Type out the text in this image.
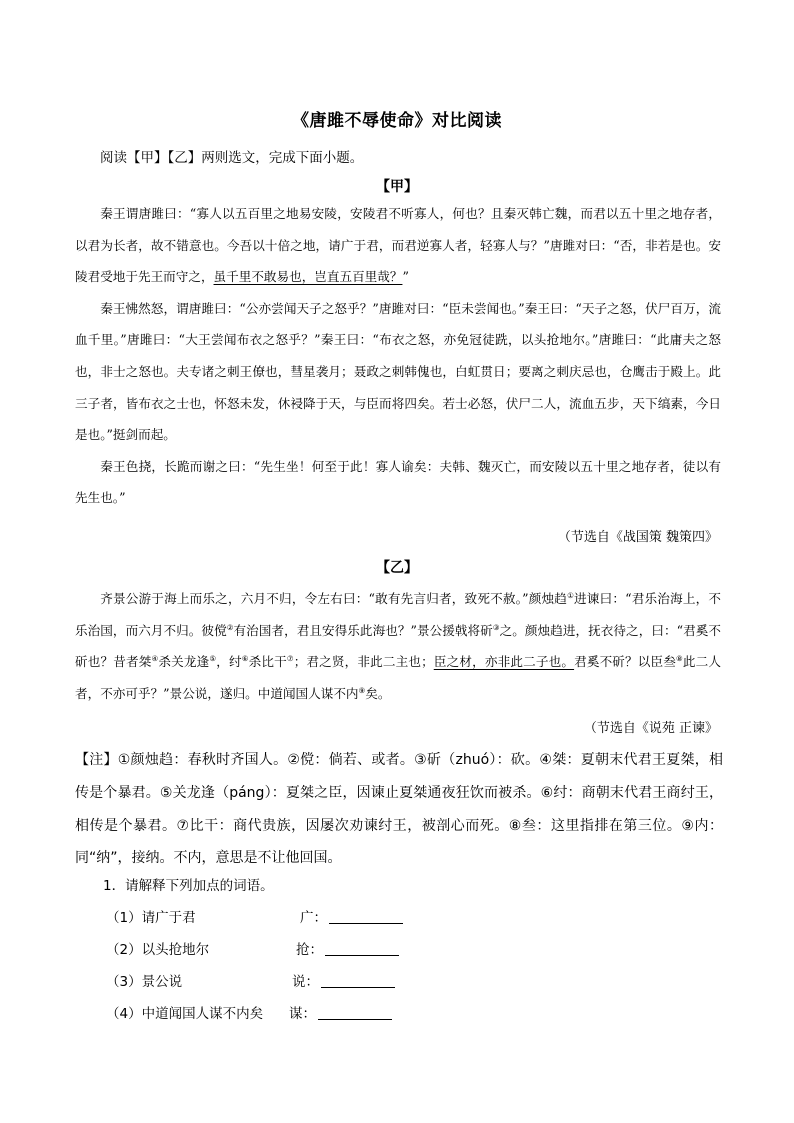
《唐雎不辱使命》对比阅读
阅读【甲】【乙】两则选文，完成下面小题。
【甲】

秦王谓唐雎曰：“寡人以五百里之地易安陵，安陵君不听寡人，何也？且秦灭韩亡魏，而君以五十里之地存者，以君为长者，故不错意也。今吾以十倍之地，请广于君，而君逆寡人者，轻寡人与？”唐雎对曰：“否，非若是也。安陵君受地于先王而守之，虽千里不敢易也，岂直五百里哉？”

秦王怫然怒，谓唐雎曰：“公亦尝闻天子之怒乎？”唐雎对曰：“臣未尝闻也。”秦王曰：“天子之怒，伏尸百万，流血千里。”唐雎曰：“大王尝闻布衣之怒乎？”秦王曰：“布衣之怒，亦免冠徒跣，以头抢地尔。”唐雎曰：“此庸夫之怒也，非士之怒也。夫专诸之刺王僚也，彗星袭月；聂政之刺韩傀也，白虹贯日；要离之刺庆忌也，仓鹰击于殿上。此三子者，皆布衣之士也，怀怒未发，休祲降于天，与臣而将四矣。若士必怒，伏尸二人，流血五步，天下缟素，今日是也。”挺剑而起。

秦王色挠，长跪而谢之曰：“先生坐！何至于此！寡人谕矣：夫韩、魏灭亡，而安陵以五十里之地存者，徒以有先生也。”

（节选自《战国策 魏策四》
【乙】

齐景公游于海上而乐之，六月不归，令左右曰：“敢有先言归者，致死不赦。”颜烛趋①进谏曰：“君乐治海上，不乐治国，而六月不归。彼傥②有治国者，君且安得乐此海也？”景公援戟将斫③之。颜烛趋进，抚衣待之，曰：“君奚不斫也？昔者桀④杀关龙逢⑤，纣⑥杀比干⑦；君之贤，非此二主也；臣之材，亦非此二子也。君奚不斫？以臣叁⑧此二人者，不亦可乎？”景公说，遂归。中道闻国人谋不内⑨矣。

（节选自《说苑 正谏》
【注】①颜烛趋：春秋时齐国人。②傥：倘若、或者。③斫（zhuó）：砍。④桀：夏朝末代君王夏桀，相传是个暴君。⑤关龙逢（páng）：夏桀之臣，因谏止夏桀通夜狂饮而被杀。⑥纣：商朝末代君王商纣王，相传是个暴君。⑦比干：商代贵族，因屡次劝谏纣王，被剖心而死。⑧叁：这里指排在第三位。⑨内：同“纳”，接纳。不内，意思是不让他回国。
1．请解释下列加点的词语。
（1）请广于君	广：
（2）以头抢地尔	抢：
（3）景公说	说：
（4）中道闻国人谋不内矣 谋：
